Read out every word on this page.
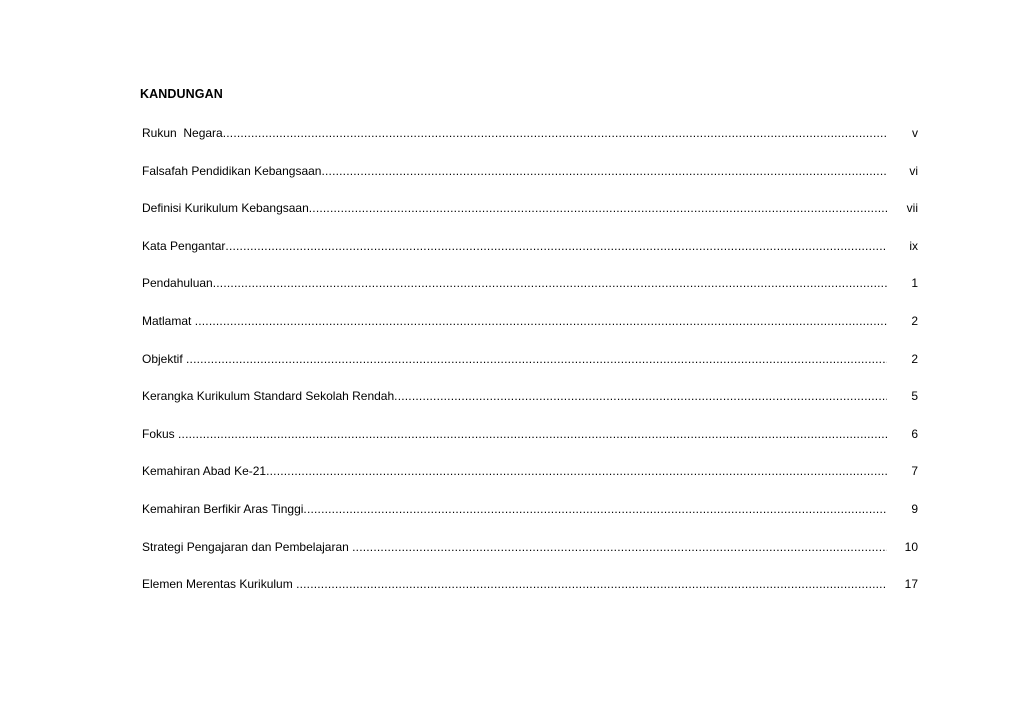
KANDUNGAN
Rukun  Negara .....	v
Falsafah Pendidikan Kebangsaan .....	vi
Definisi Kurikulum Kebangsaan .....	vii
Kata Pengantar .....	ix
Pendahuluan .....	1
Matlamat .....	2
Objektif .....	2
Kerangka Kurikulum Standard Sekolah Rendah .....	5
Fokus .....	6
Kemahiran Abad Ke-21 .....	7
Kemahiran Berfikir Aras Tinggi .....	9
Strategi Pengajaran dan Pembelajaran .....	10
Elemen Merentas Kurikulum .....	17
